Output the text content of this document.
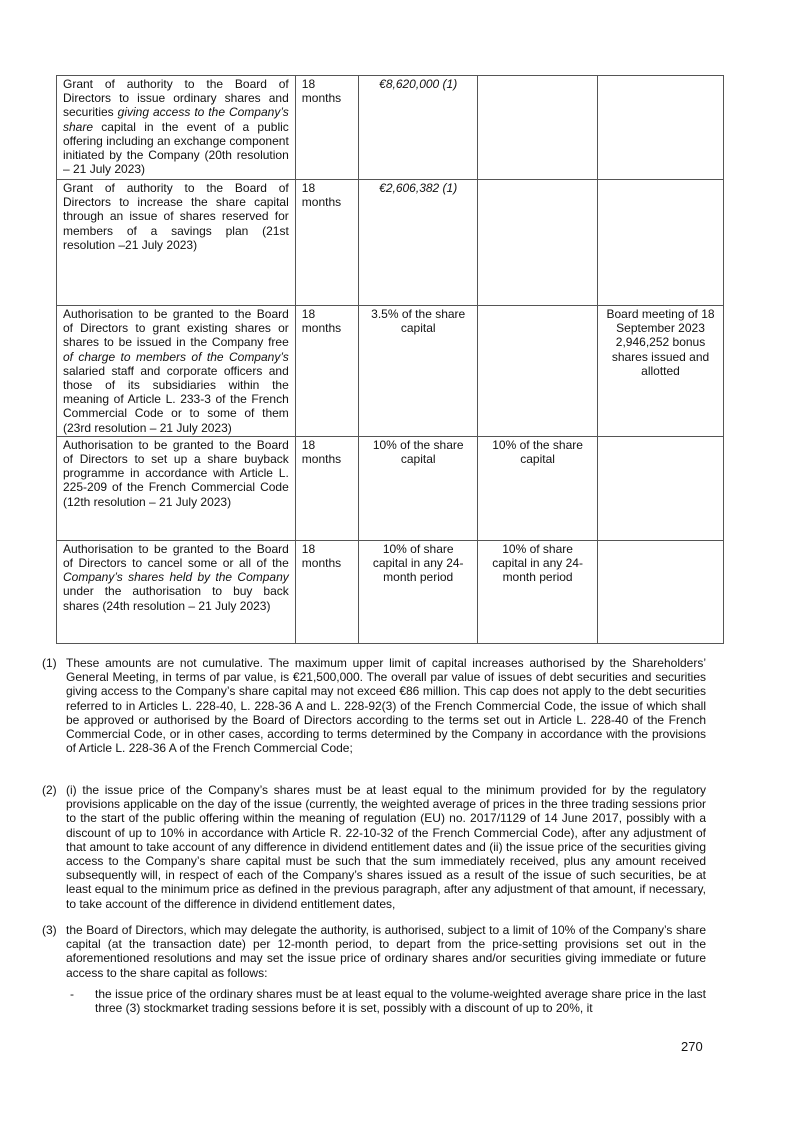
Grant of authority to the Board of Directors to issue ordinary shares and securities giving access to the Company’s share capital in the event of a public offering including an exchange component initiated by the Company (20th resolution – 21 July 2023)	18 months	€8,620,000 (1)		
Grant of authority to the Board of Directors to increase the share capital through an issue of shares reserved for members of a savings plan (21st resolution –21 July 2023)	18 months	€2,606,382 (1)		
Authorisation to be granted to the Board of Directors to grant existing shares or shares to be issued in the Company free of charge to members of the Company’s salaried staff and corporate officers and those of its subsidiaries within the meaning of Article L. 233-3 of the French Commercial Code or to some of them (23rd resolution – 21 July 2023)	18 months	3.5% of the share capital		Board meeting of 18 September 2023 2,946,252 bonus shares issued and allotted
Authorisation to be granted to the Board of Directors to set up a share buyback programme in accordance with Article L. 225-209 of the French Commercial Code (12th resolution – 21 July 2023)	18 months	10% of the share capital	10% of the share capital	
Authorisation to be granted to the Board of Directors to cancel some or all of the Company’s shares held by the Company under the authorisation to buy back shares (24th resolution – 21 July 2023)	18 months	10% of share capital in any 24-month period	10% of share capital in any 24-month period	
(1) These amounts are not cumulative. The maximum upper limit of capital increases authorised by the Shareholders’ General Meeting, in terms of par value, is €21,500,000. The overall par value of issues of debt securities and securities giving access to the Company’s share capital may not exceed €86 million. This cap does not apply to the debt securities referred to in Articles L. 228-40, L. 228-36 A and L. 228-92(3) of the French Commercial Code, the issue of which shall be approved or authorised by the Board of Directors according to the terms set out in Article L. 228-40 of the French Commercial Code, or in other cases, according to terms determined by the Company in accordance with the provisions of Article L. 228-36 A of the French Commercial Code;
(2) (i) the issue price of the Company’s shares must be at least equal to the minimum provided for by the regulatory provisions applicable on the day of the issue (currently, the weighted average of prices in the three trading sessions prior to the start of the public offering within the meaning of regulation (EU) no. 2017/1129 of 14 June 2017, possibly with a discount of up to 10% in accordance with Article R. 22-10-32 of the French Commercial Code), after any adjustment of that amount to take account of any difference in dividend entitlement dates and (ii) the issue price of the securities giving access to the Company’s share capital must be such that the sum immediately received, plus any amount received subsequently will, in respect of each of the Company’s shares issued as a result of the issue of such securities, be at least equal to the minimum price as defined in the previous paragraph, after any adjustment of that amount, if necessary, to take account of the difference in dividend entitlement dates,
(3) the Board of Directors, which may delegate the authority, is authorised, subject to a limit of 10% of the Company’s share capital (at the transaction date) per 12-month period, to depart from the price-setting provisions set out in the aforementioned resolutions and may set the issue price of ordinary shares and/or securities giving immediate or future access to the share capital as follows:
- the issue price of the ordinary shares must be at least equal to the volume-weighted average share price in the last three (3) stockmarket trading sessions before it is set, possibly with a discount of up to 20%, it
270
